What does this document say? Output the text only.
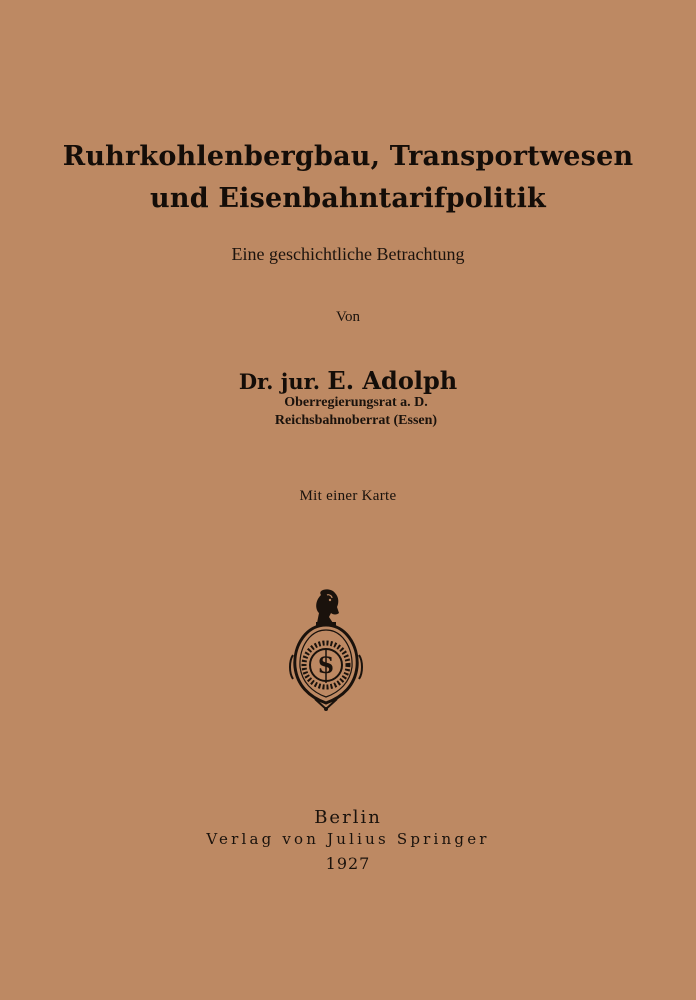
Ruhrkohlenbergbau, Transportwesen
und Eisenbahntarifpolitik
Eine geschichtliche Betrachtung
Von
Dr. jur. E. Adolph
Oberregierungsrat a. D.
Reichsbahnoberrat (Essen)
Mit einer Karte
S
Berlin
Verlag von Julius Springer
1927
